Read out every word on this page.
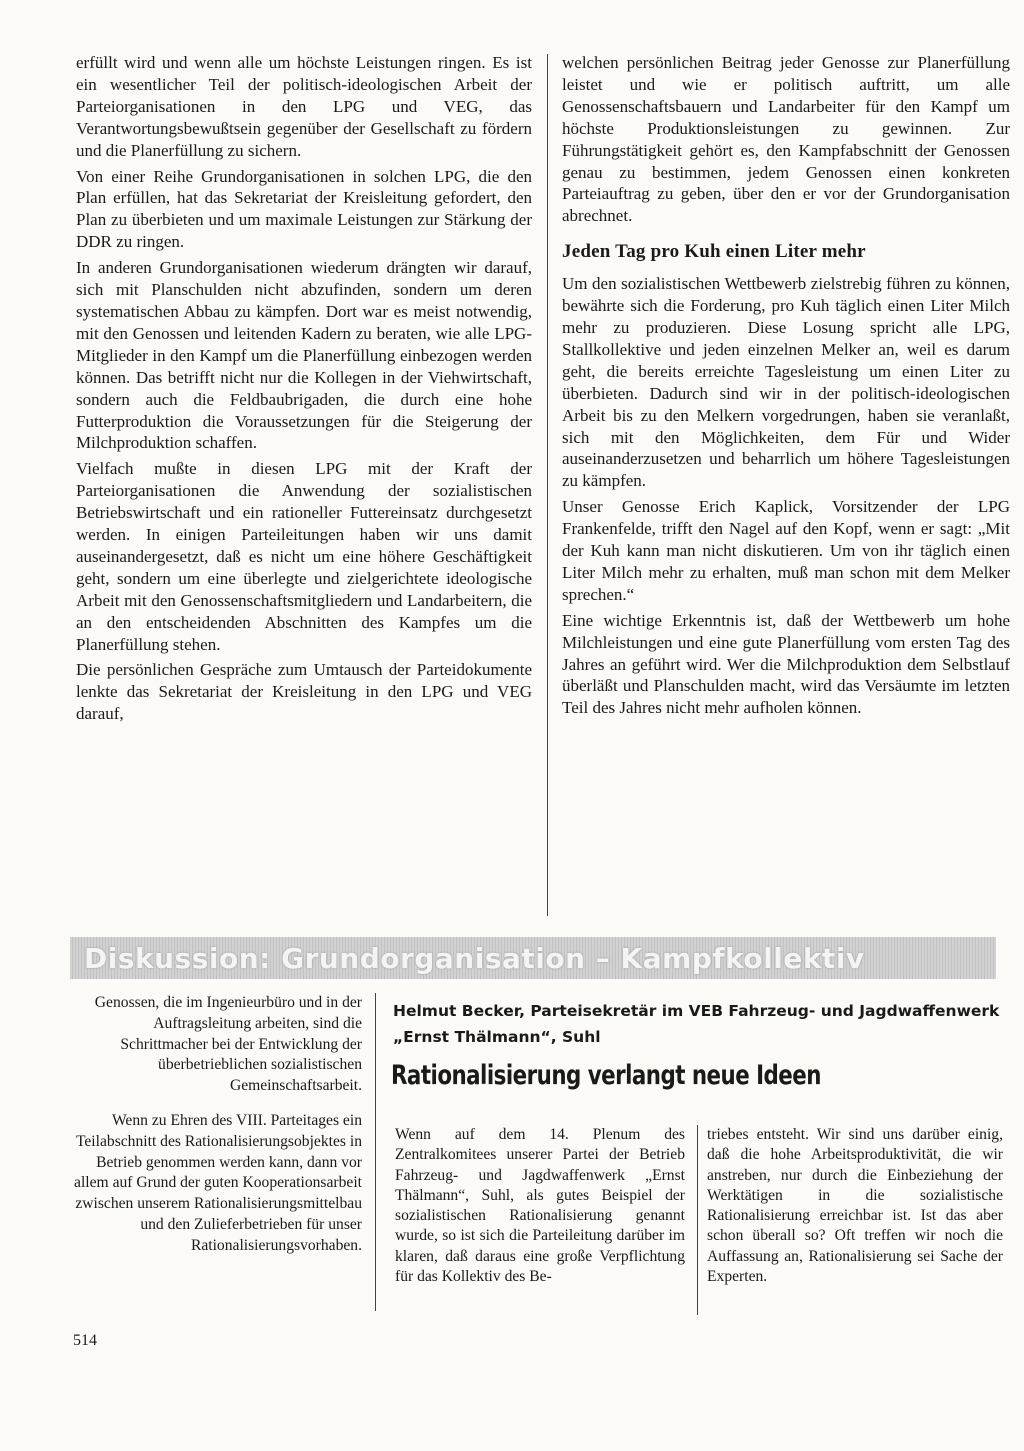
erfüllt wird und wenn alle um höchste Leistungen ringen. Es ist ein wesentlicher Teil der politisch-ideologischen Arbeit der Parteiorganisationen in den LPG und VEG, das Verantwortungsbewußtsein gegenüber der Gesellschaft zu fördern und die Planerfüllung zu sichern.

Von einer Reihe Grundorganisationen in solchen LPG, die den Plan erfüllen, hat das Sekretariat der Kreisleitung gefordert, den Plan zu überbieten und um maximale Leistungen zur Stärkung der DDR zu ringen.

In anderen Grundorganisationen wiederum drängten wir darauf, sich mit Planschulden nicht abzufinden, sondern um deren systematischen Abbau zu kämpfen. Dort war es meist notwendig, mit den Genossen und leitenden Kadern zu beraten, wie alle LPG-Mitglieder in den Kampf um die Planerfüllung einbezogen werden können. Das betrifft nicht nur die Kollegen in der Viehwirtschaft, sondern auch die Feldbaubrigaden, die durch eine hohe Futterproduktion die Voraussetzungen für die Steigerung der Milchproduktion schaffen.

Vielfach mußte in diesen LPG mit der Kraft der Parteiorganisationen die Anwendung der sozialistischen Betriebswirtschaft und ein rationeller Futtereinsatz durchgesetzt werden. In einigen Parteileitungen haben wir uns damit auseinandergesetzt, daß es nicht um eine höhere Geschäftigkeit geht, sondern um eine überlegte und zielgerichtete ideologische Arbeit mit den Genossenschaftsmitgliedern und Landarbeitern, die an den entscheidenden Abschnitten des Kampfes um die Planerfüllung stehen.

Die persönlichen Gespräche zum Umtausch der Parteidokumente lenkte das Sekretariat der Kreisleitung in den LPG und VEG darauf,

welchen persönlichen Beitrag jeder Genosse zur Planerfüllung leistet und wie er politisch auftritt, um alle Genossenschaftsbauern und Landarbeiter für den Kampf um höchste Produktionsleistungen zu gewinnen. Zur Führungstätigkeit gehört es, den Kampfabschnitt der Genossen genau zu bestimmen, jedem Genossen einen konkreten Parteiauftrag zu geben, über den er vor der Grundorganisation abrechnet.

Jeden Tag pro Kuh einen Liter mehr

Um den sozialistischen Wettbewerb zielstrebig führen zu können, bewährte sich die Forderung, pro Kuh täglich einen Liter Milch mehr zu produzieren. Diese Losung spricht alle LPG, Stallkollektive und jeden einzelnen Melker an, weil es darum geht, die bereits erreichte Tagesleistung um einen Liter zu überbieten. Dadurch sind wir in der politisch-ideologischen Arbeit bis zu den Melkern vorgedrungen, haben sie veranlaßt, sich mit den Möglichkeiten, dem Für und Wider auseinanderzusetzen und beharrlich um höhere Tagesleistungen zu kämpfen.

Unser Genosse Erich Kaplick, Vorsitzender der LPG Frankenfelde, trifft den Nagel auf den Kopf, wenn er sagt: „Mit der Kuh kann man nicht diskutieren. Um von ihr täglich einen Liter Milch mehr zu erhalten, muß man schon mit dem Melker sprechen.“

Eine wichtige Erkenntnis ist, daß der Wettbewerb um hohe Milchleistungen und eine gute Planerfüllung vom ersten Tag des Jahres an geführt wird. Wer die Milchproduktion dem Selbstlauf überläßt und Planschulden macht, wird das Versäumte im letzten Teil des Jahres nicht mehr aufholen können.

Diskussion: Grundorganisation – Kampfkollektiv

Genossen, die im Ingenieurbüro und in der Auftragsleitung arbeiten, sind die Schrittmacher bei der Entwicklung der überbetrieblichen sozialistischen Gemeinschaftsarbeit.

Wenn zu Ehren des VIII. Parteitages ein Teilabschnitt des Rationalisierungsobjektes in Betrieb genommen werden kann, dann vor allem auf Grund der guten Kooperationsarbeit zwischen unserem Rationalisierungsmittelbau und den Zulieferbetrieben für unser Rationalisierungsvorhaben.

Helmut Becker, Parteisekretär im VEB Fahrzeug- und Jagdwaffenwerk „Ernst Thälmann“, Suhl
Rationalisierung verlangt neue Ideen

Wenn auf dem 14. Plenum des Zentralkomitees unserer Partei der Betrieb Fahrzeug- und Jagdwaffenwerk „Ernst Thälmann“, Suhl, als gutes Beispiel der sozialistischen Rationalisierung genannt wurde, so ist sich die Parteileitung darüber im klaren, daß daraus eine große Verpflichtung für das Kollektiv des Be-

triebes entsteht. Wir sind uns darüber einig, daß die hohe Arbeitsproduktivität, die wir anstreben, nur durch die Einbeziehung der Werktätigen in die sozialistische Rationalisierung erreichbar ist. Ist das aber schon überall so? Oft treffen wir noch die Auffassung an, Rationalisierung sei Sache der Experten.

514
